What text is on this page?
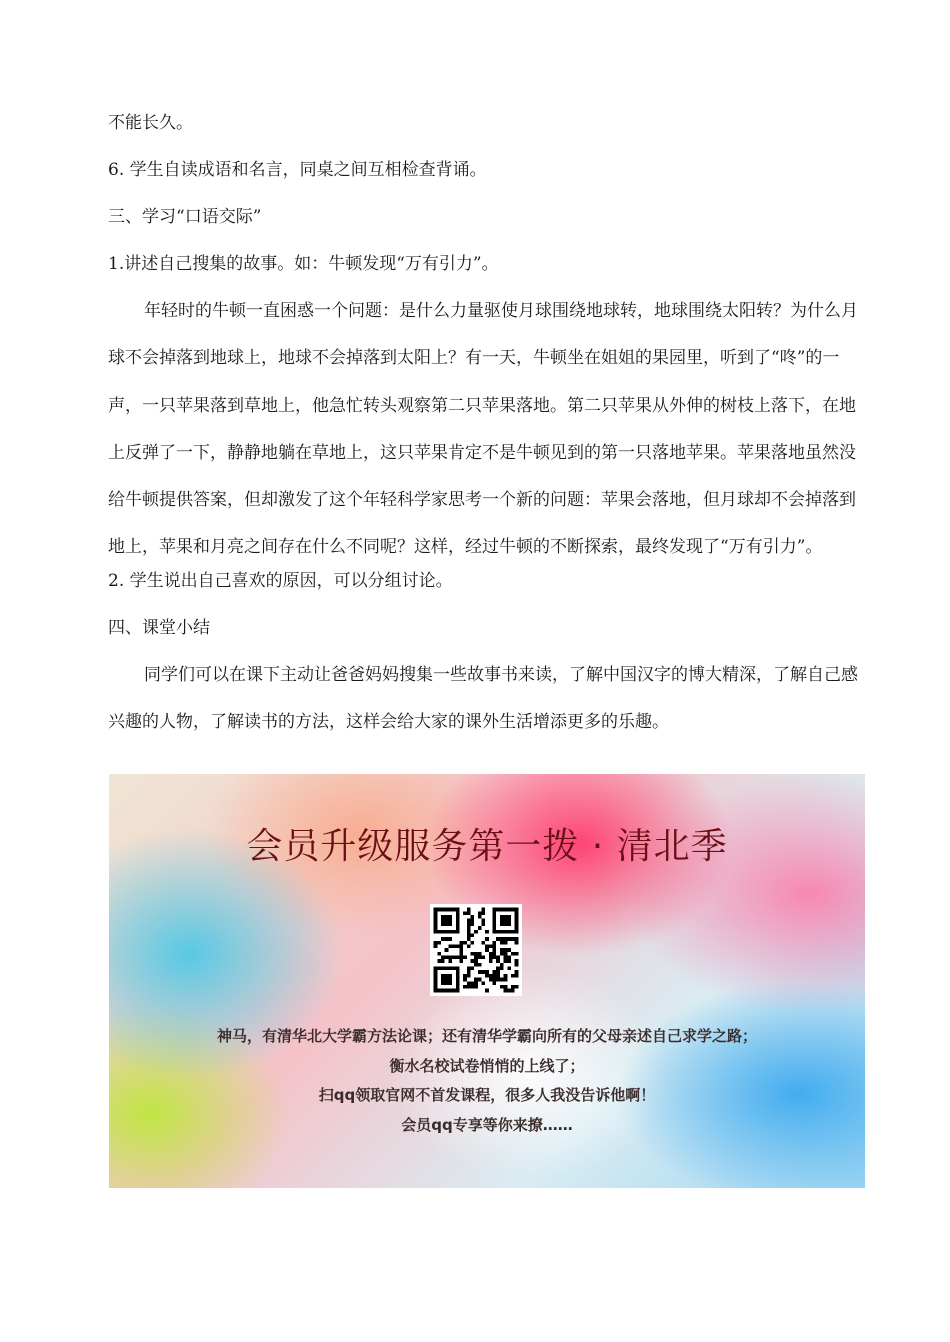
不能长久。

6. 学生自读成语和名言，同桌之间互相检查背诵。

三、学习“口语交际”

1.讲述自己搜集的故事。如：牛顿发现“万有引力”。

年轻时的牛顿一直困惑一个问题：是什么力量驱使月球围绕地球转，地球围绕太阳转？为什么月球不会掉落到地球上，地球不会掉落到太阳上？有一天，牛顿坐在姐姐的果园里，听到了“咚”的一声，一只苹果落到草地上，他急忙转头观察第二只苹果落地。第二只苹果从外伸的树枝上落下，在地上反弹了一下，静静地躺在草地上，这只苹果肯定不是牛顿见到的第一只落地苹果。苹果落地虽然没给牛顿提供答案，但却激发了这个年轻科学家思考一个新的问题：苹果会落地，但月球却不会掉落到地上，苹果和月亮之间存在什么不同呢？这样，经过牛顿的不断探索，最终发现了“万有引力”。

2. 学生说出自己喜欢的原因，可以分组讨论。

四、课堂小结

同学们可以在课下主动让爸爸妈妈搜集一些故事书来读，了解中国汉字的博大精深，了解自己感兴趣的人物，了解读书的方法，这样会给大家的课外生活增添更多的乐趣。

会员升级服务第一拨 · 清北季
神马，有清华北大学霸方法论课；还有清华学霸向所有的父母亲述自己求学之路；
衡水名校试卷悄悄的上线了；
扫qq领取官网不首发课程，很多人我没告诉他啊！
会员qq专享等你来撩……
